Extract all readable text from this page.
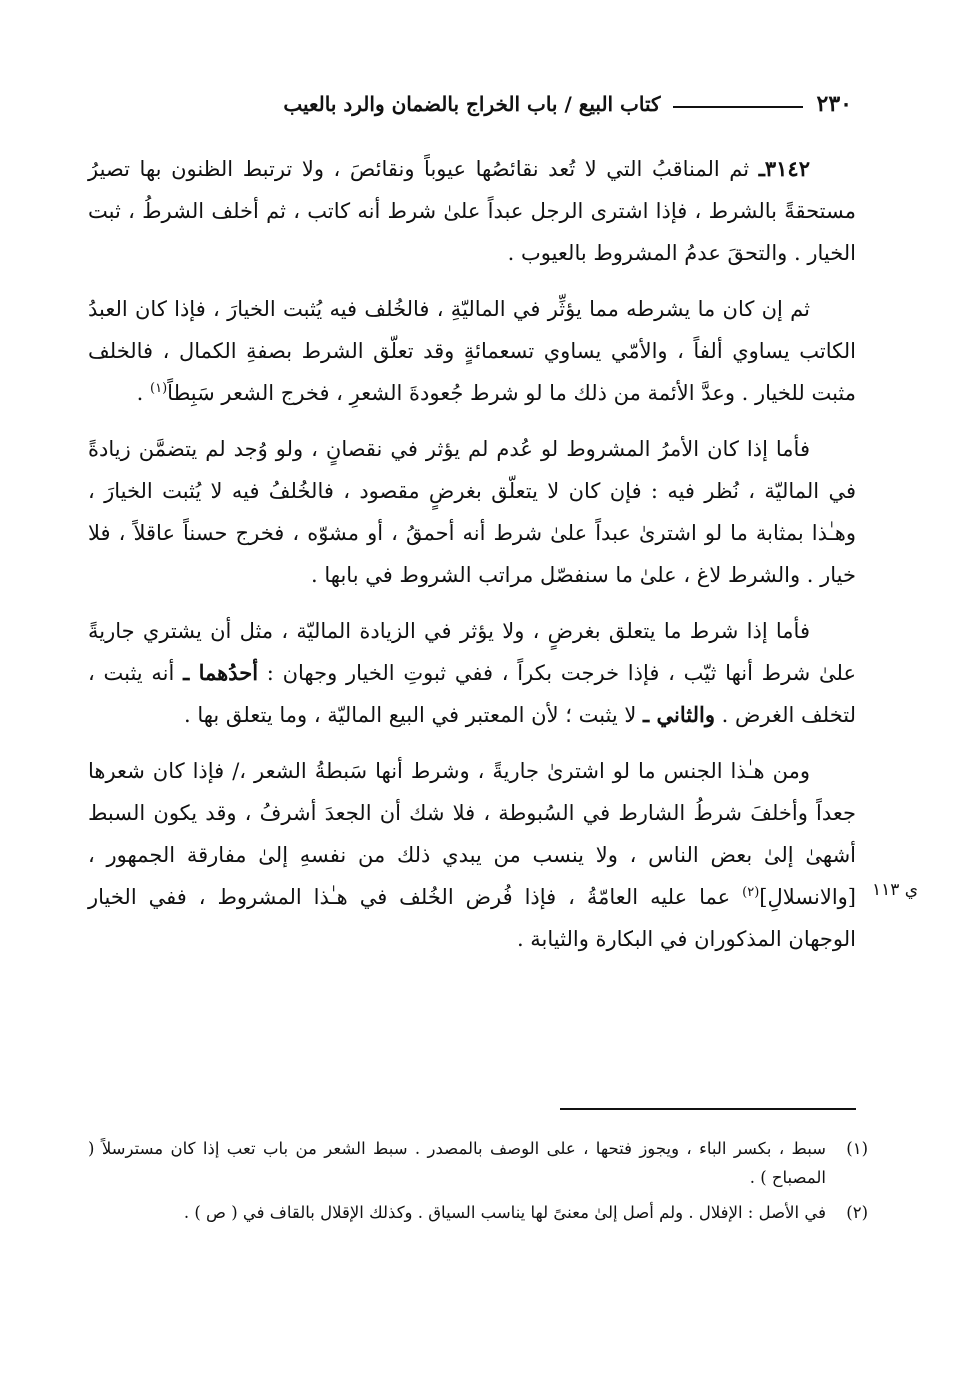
٢٣٠
كتاب البيع / باب الخراج بالضمان والرد بالعيب

٣١٤٢ـ ثم المناقبُ التي لا تُعد نقائصُها عيوباً ونقائصَ ، ولا ترتبط الظنون بها تصيرُ مستحقةً بالشرط ، فإذا اشترى الرجل عبداً علىٰ شرط أنه كاتب ، ثم أخلف الشرطُ ، ثبت الخيار . والتحقَ عدمُ المشروط بالعيوب .

ثم إن كان ما يشرطه مما يؤثِّر في الماليّةِ ، فالخُلف فيه يُثبت الخيارَ ، فإذا كان العبدُ الكاتب يساوي ألفاً ، والأمّي يساوي تسعمائةٍ وقد تعلّق الشرط بصفةِ الكمال ، فالخلف مثبت للخيار . وعدَّ الأئمة من ذلك ما لو شرط جُعودةَ الشعرِ ، فخرج الشعر سَبِطاً$^{(١)}$ .

فأما إذا كان الأمرُ المشروط لو عُدم لم يؤثر في نقصانٍ ، ولو وُجد لم يتضمَّن زيادةً في الماليّة ، نُظر فيه : فإن كان لا يتعلّق بغرضٍ مقصود ، فالخُلفُ فيه لا يُثبت الخيارَ ، وهـٰذا بمثابة ما لو اشترىٰ عبداً علىٰ شرط أنه أحمقُ ، أو مشوّه ، فخرج حسناً عاقلاً ، فلا خيار . والشرط لاغ ، علىٰ ما سنفصّل مراتب الشروط في بابها .

فأما إذا شرط ما يتعلق بغرضٍ ، ولا يؤثر في الزيادة الماليّة ، مثل أن يشتري جاريةً علىٰ شرط أنها ثيّب ، فإذا خرجت بكراً ، ففي ثبوتِ الخيار وجهان : أحدُهما ـ أنه يثبت ، لتخلف الغرض . والثاني ـ لا يثبت ؛ لأن المعتبر في البيع الماليّة ، وما يتعلق بها .

ومن هـٰذا الجنس ما لو اشترىٰ جاريةً ، وشرط أنها سَبطةُ الشعر ،/ فإذا كان شعرها جعداً وأخلفَ شرطُ الشارط في السُبوطة ، فلا شك أن الجعدَ أشرفُ ، وقد يكون السبط أشهىٰ إلىٰ بعض الناس ، ولا ينسب من يبدي ذلك من نفسهِ إلىٰ مفارقة الجمهور ، [والانسلالِ]$^{(٢)}$ عما عليه العامّةُ ، فإذا فُرض الخُلف في هـٰذا المشروط ، ففي الخيار الوجهان المذكوران في البكارة والثيابة .

ي ١١٣
(١)
سبط ، بكسر الباء ، ويجوز فتحها ، على الوصف بالمصدر . سبط الشعر من باب تعب إذا كان مسترسلاً ( المصباح ) .
(٢)
في الأصل : الإفلال . ولم أصل إلىٰ معنىً لها يناسب السياق . وكذلك الإقلال بالقاف في ( ص ) .
